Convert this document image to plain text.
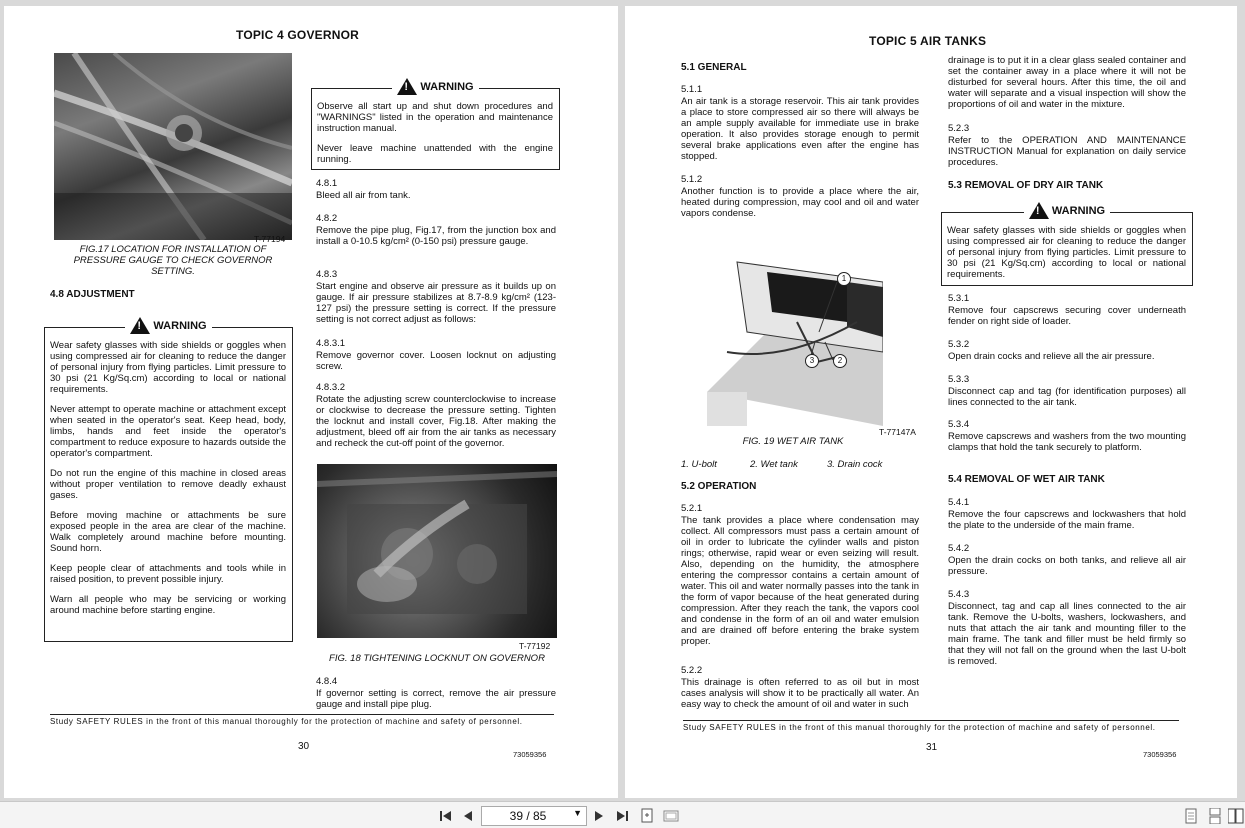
TOPIC 4 GOVERNOR
T-77194
FIG.17 LOCATION FOR INSTALLATION OF PRESSURE GAUGE TO CHECK GOVERNOR SETTING.
4.8 ADJUSTMENT
!
WARNING

Wear safety glasses with side shields or goggles when using compressed air for cleaning to reduce the danger of personal injury from flying particles. Limit pressure to 30 psi (21 Kg/Sq.cm) according to local or national requirements.

Never attempt to operate machine or attachment except when seated in the operator's seat. Keep head, body, limbs, hands and feet inside the operator's compartment to reduce exposure to hazards outside the operator's compartment.

Do not run the engine of this machine in closed areas without proper ventilation to remove deadly exhaust gases.

Before moving machine or attachments be sure exposed people in the area are clear of the machine. Walk completely around machine before mounting. Sound horn.

Keep people clear of attachments and tools while in raised position, to prevent possible injury.

Warn all people who may be servicing or working around machine before starting engine.

!
WARNING

Observe all start up and shut down procedures and "WARNINGS" listed in the operation and maintenance instruction manual.

Never leave machine unattended with the engine running.

4.8.1
Bleed all air from tank.
4.8.2
Remove the pipe plug, Fig.17, from the junction box and install a 0-10.5 kg/cm² (0-150 psi) pressure gauge.
4.8.3
Start engine and observe air pressure as it builds up on gauge. If air pressure stabilizes at 8.7-8.9 kg/cm² (123-127 psi) the pressure setting is correct. If the pressure setting is not correct adjust as follows:
4.8.3.1
Remove governor cover. Loosen locknut on adjusting screw.
4.8.3.2
Rotate the adjusting screw counterclockwise to increase or clockwise to decrease the pressure setting. Tighten the locknut and install cover, Fig.18. After making the adjustment, bleed off air from the air tanks as necessary and recheck the cut-off point of the governor.
T-77192
FIG. 18 TIGHTENING LOCKNUT ON GOVERNOR
4.8.4
If governor setting is correct, remove the air pressure gauge and install pipe plug.
Study SAFETY RULES in the front of this manual thoroughly for the protection of machine and safety of personnel.
30
73059356
TOPIC 5 AIR TANKS
5.1 GENERAL
5.1.1
An air tank is a storage reservoir. This air tank provides a place to store compressed air so there will always be an ample supply available for immediate use in brake operation. It also provides storage enough to permit several brake applications even after the engine has stopped.
5.1.2
Another function is to provide a place where the air, heated during compression, may cool and oil and water vapors condense.
1
2
3
T-77147A
FIG. 19 WET AIR TANK
1. U-bolt	2. Wet tank	3. Drain cock
5.2 OPERATION
5.2.1
The tank provides a place where condensation may collect. All compressors must pass a certain amount of oil in order to lubricate the cylinder walls and piston rings; otherwise, rapid wear or even seizing will result. Also, depending on the humidity, the atmosphere entering the compressor contains a certain amount of water. This oil and water normally passes into the tank in the form of vapor because of the heat generated during compression. After they reach the tank, the vapors cool and condense in the form of an oil and water emulsion and are drained off before entering the brake system proper.
5.2.2
This drainage is often referred to as oil but in most cases analysis will show it to be practically all water. An easy way to check the amount of oil and water in such
drainage is to put it in a clear glass sealed container and set the container away in a place where it will not be disturbed for several hours. After this time, the oil and water will separate and a visual inspection will show the proportions of oil and water in the mixture.
5.2.3
Refer to the OPERATION AND MAINTENANCE INSTRUCTION Manual for explanation on daily service procedures.
5.3 REMOVAL OF DRY AIR TANK
!
WARNING

Wear safety glasses with side shields or goggles when using compressed air for cleaning to reduce the danger of personal injury from flying particles. Limit pressure to 30 psi (21 Kg/Sq.cm) according to local or national requirements.

5.3.1
Remove four capscrews securing cover underneath fender on right side of loader.
5.3.2
Open drain cocks and relieve all the air pressure.
5.3.3
Disconnect cap and tag (for identification purposes) all lines connected to the air tank.
5.3.4
Remove capscrews and washers from the two mounting clamps that hold the tank securely to platform.
5.4 REMOVAL OF WET AIR TANK
5.4.1
Remove the four capscrews and lockwashers that hold the plate to the underside of the main frame.
5.4.2
Open the drain cocks on both tanks, and relieve all air pressure.
5.4.3
Disconnect, tag and cap all lines connected to the air tank. Remove the U-bolts, washers, lockwashers, and nuts that attach the air tank and mounting filler to the main frame. The tank and filler must be held firmly so that they will not fall on the ground when the last U-bolt is removed.
Study SAFETY RULES in the front of this manual thoroughly for the protection of machine and safety of personnel.
31
73059356
39 / 85	▼
